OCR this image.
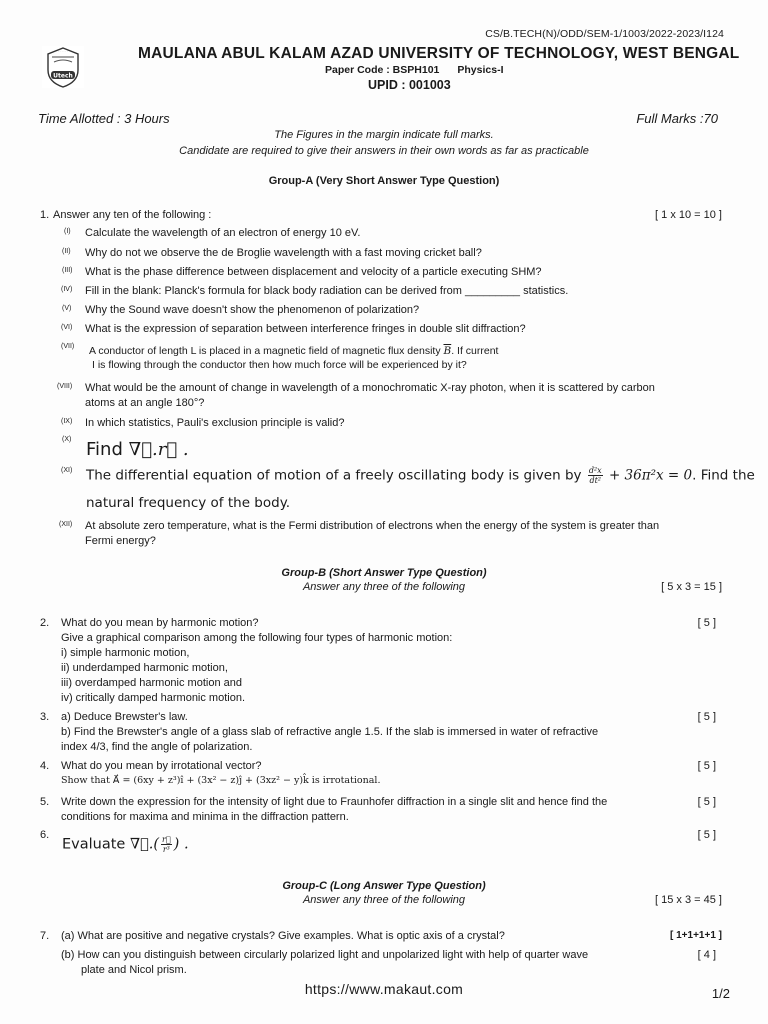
CS/B.TECH(N)/ODD/SEM-1/1003/2022-2023/I124
Utech
· · · · · · · ·	MAULANA ABUL KALAM AZAD UNIVERSITY OF TECHNOLOGY, WEST BENGAL
Paper Code : BSPH101 Physics-I
UPID : 001003
Time Allotted : 3 Hours	Full Marks :70
The Figures in the margin indicate full marks.
Candidate are required to give their answers in their own words as far as practicable
Group-A (Very Short Answer Type Question)
1. Answer any ten of the following :	[ 1 x 10 = 10 ]
(I) Calculate the wavelength of an electron of energy 10 eV.
(II) Why do not we observe the de Broglie wavelength with a fast moving cricket ball?
(III) What is the phase difference between displacement and velocity of a particle executing SHM?
(IV) Fill in the blank: Planck's formula for black body radiation can be derived from _________ statistics.
(V) Why the Sound wave doesn't show the phenomenon of polarization?
(VI) What is the expression of separation between interference fringes in double slit diffraction?
(VII) A conductor of length L is placed in a magnetic field of magnetic flux density $\overline{B}$. If current
I is flowing through the conductor then how much force will be experienced by it?
(VIII) What would be the amount of change in wavelength of a monochromatic X-ray photon, when it is scattered by carbon
atoms at an angle 180°?
(IX) In which statistics, Pauli's exclusion principle is valid?
(X) Find ∇⃗.r⃗ .
(XI) The differential equation of motion of a freely oscillating body is given by $\frac{\text{d²x}}{\text{dt²}} + 36\pi^2x = 0$. Find the
natural frequency of the body.
(XII) At absolute zero temperature, what is the Fermi distribution of electrons when the energy of the system is greater than
Fermi energy?
Group-B (Short Answer Type Question)
Answer any three of the following	[ 5 x 3 = 15 ]
2. What do you mean by harmonic motion?
Give a graphical comparison among the following four types of harmonic motion:
i) simple harmonic motion,
ii) underdamped harmonic motion,
iii) overdamped harmonic motion and
iv) critically damped harmonic motion.
[ 5 ]
3. a) Deduce Brewster's law.
b) Find the Brewster's angle of a glass slab of refractive angle 1.5. If the slab is immersed in water of refractive
index 4/3, find the angle of polarization.
[ 5 ]
4. What do you mean by irrotational vector?
Show that A⃗ = (6xy + z³)î + (3x² − z)ĵ + (3xz² − y)k̂ is irrotational.
[ 5 ]
5. Write down the expression for the intensity of light due to Fraunhofer diffraction in a single slit and hence find the
conditions for maxima and minima in the diffraction pattern.
[ 5 ]
6.
Evaluate ∇⃗.( $\frac{r⃗}{\text{r³}}$ ) .
[ 5 ]
Group-C (Long Answer Type Question)
Answer any three of the following	[ 15 x 3 = 45 ]
7. (a) What are positive and negative crystals? Give examples. What is optic axis of a crystal?	[ 1+1+1+1 ]
(b) How can you distinguish between circularly polarized light and unpolarized light with help of quarter wave
plate and Nicol prism.
[ 4 ]
https://www.makaut.com	1/2
